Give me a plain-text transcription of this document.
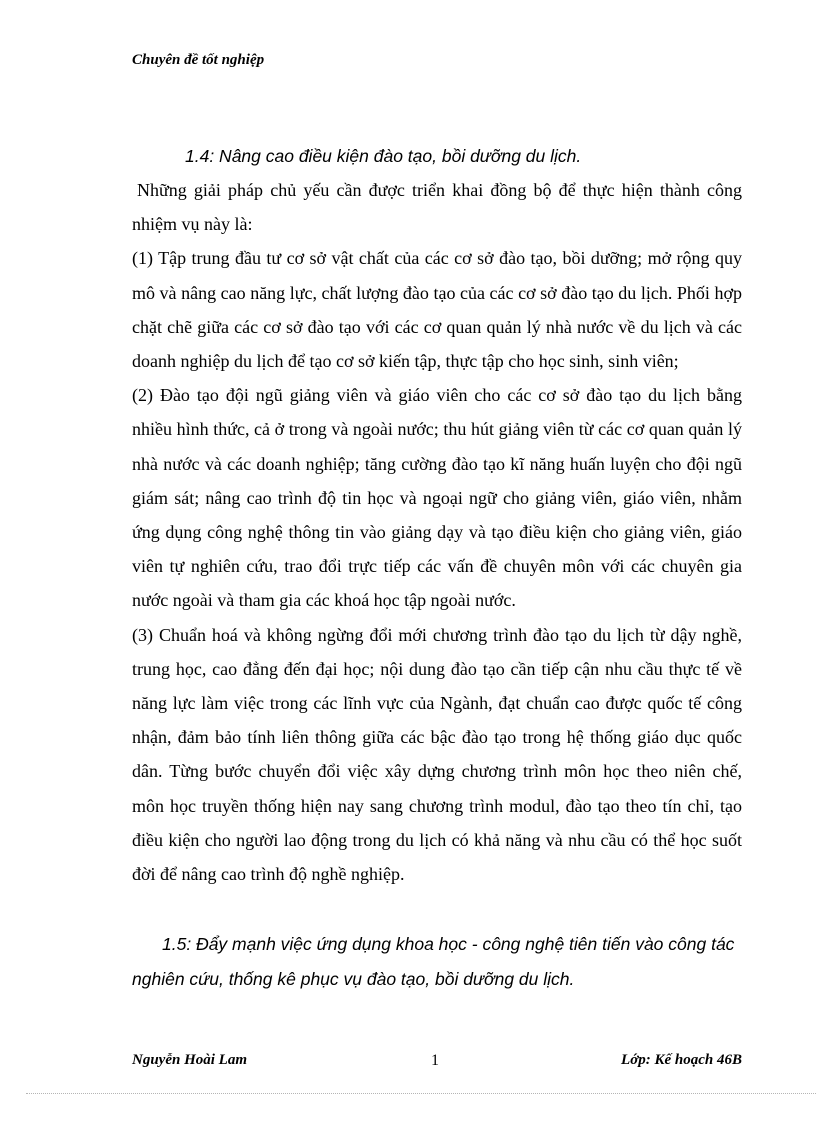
Chuyên đề tốt nghiệp
1.4: Nâng cao điều kiện đào tạo, bồi dưỡng du lịch.

Những giải pháp chủ yếu cần được triển khai đồng bộ để thực hiện thành công nhiệm vụ này là:

(1) Tập trung đầu tư cơ sở vật chất của các cơ sở đào tạo, bồi dưỡng; mở rộng quy mô và nâng cao năng lực, chất lượng đào tạo của các cơ sở đào tạo du lịch. Phối hợp chặt chẽ giữa các cơ sở đào tạo với các cơ quan quản lý nhà nước về du lịch và các doanh nghiệp du lịch để tạo cơ sở kiến tập, thực tập cho học sinh, sinh viên;

(2) Đào tạo đội ngũ giảng viên và giáo viên cho các cơ sở đào tạo du lịch bằng nhiều hình thức, cả ở trong và ngoài nước; thu hút giảng viên từ các cơ quan quản lý nhà nước và các doanh nghiệp; tăng cường đào tạo kĩ năng huấn luyện cho đội ngũ giám sát; nâng cao trình độ tin học và ngoại ngữ cho giảng viên, giáo viên, nhằm ứng dụng công nghệ thông tin vào giảng dạy và tạo điều kiện cho giảng viên, giáo viên tự nghiên cứu, trao đổi trực tiếp các vấn đề chuyên môn với các chuyên gia nước ngoài và tham gia các khoá học tập ngoài nước.

(3) Chuẩn hoá và không ngừng đổi mới chương trình đào tạo du lịch từ dậy nghề, trung học, cao đẳng đến đại học; nội dung đào tạo cần tiếp cận nhu cầu thực tế về năng lực làm việc trong các lĩnh vực của Ngành, đạt chuẩn cao được quốc tế công nhận, đảm bảo tính liên thông giữa các bậc đào tạo trong hệ thống giáo dục quốc dân. Từng bước chuyển đổi việc xây dựng chương trình môn học theo niên chế, môn học truyền thống hiện nay sang chương trình modul, đào tạo theo tín chỉ, tạo điều kiện cho người lao động trong du lịch có khả năng và nhu cầu có thể học suốt đời để nâng cao trình độ nghề nghiệp.

1.5: Đẩy mạnh việc ứng dụng khoa học - công nghệ tiên tiến vào công tác nghiên cứu, thống kê phục vụ đào tạo, bồi dưỡng du lịch.
Nguyễn Hoài Lam	1	Lớp: Kế hoạch 46B
